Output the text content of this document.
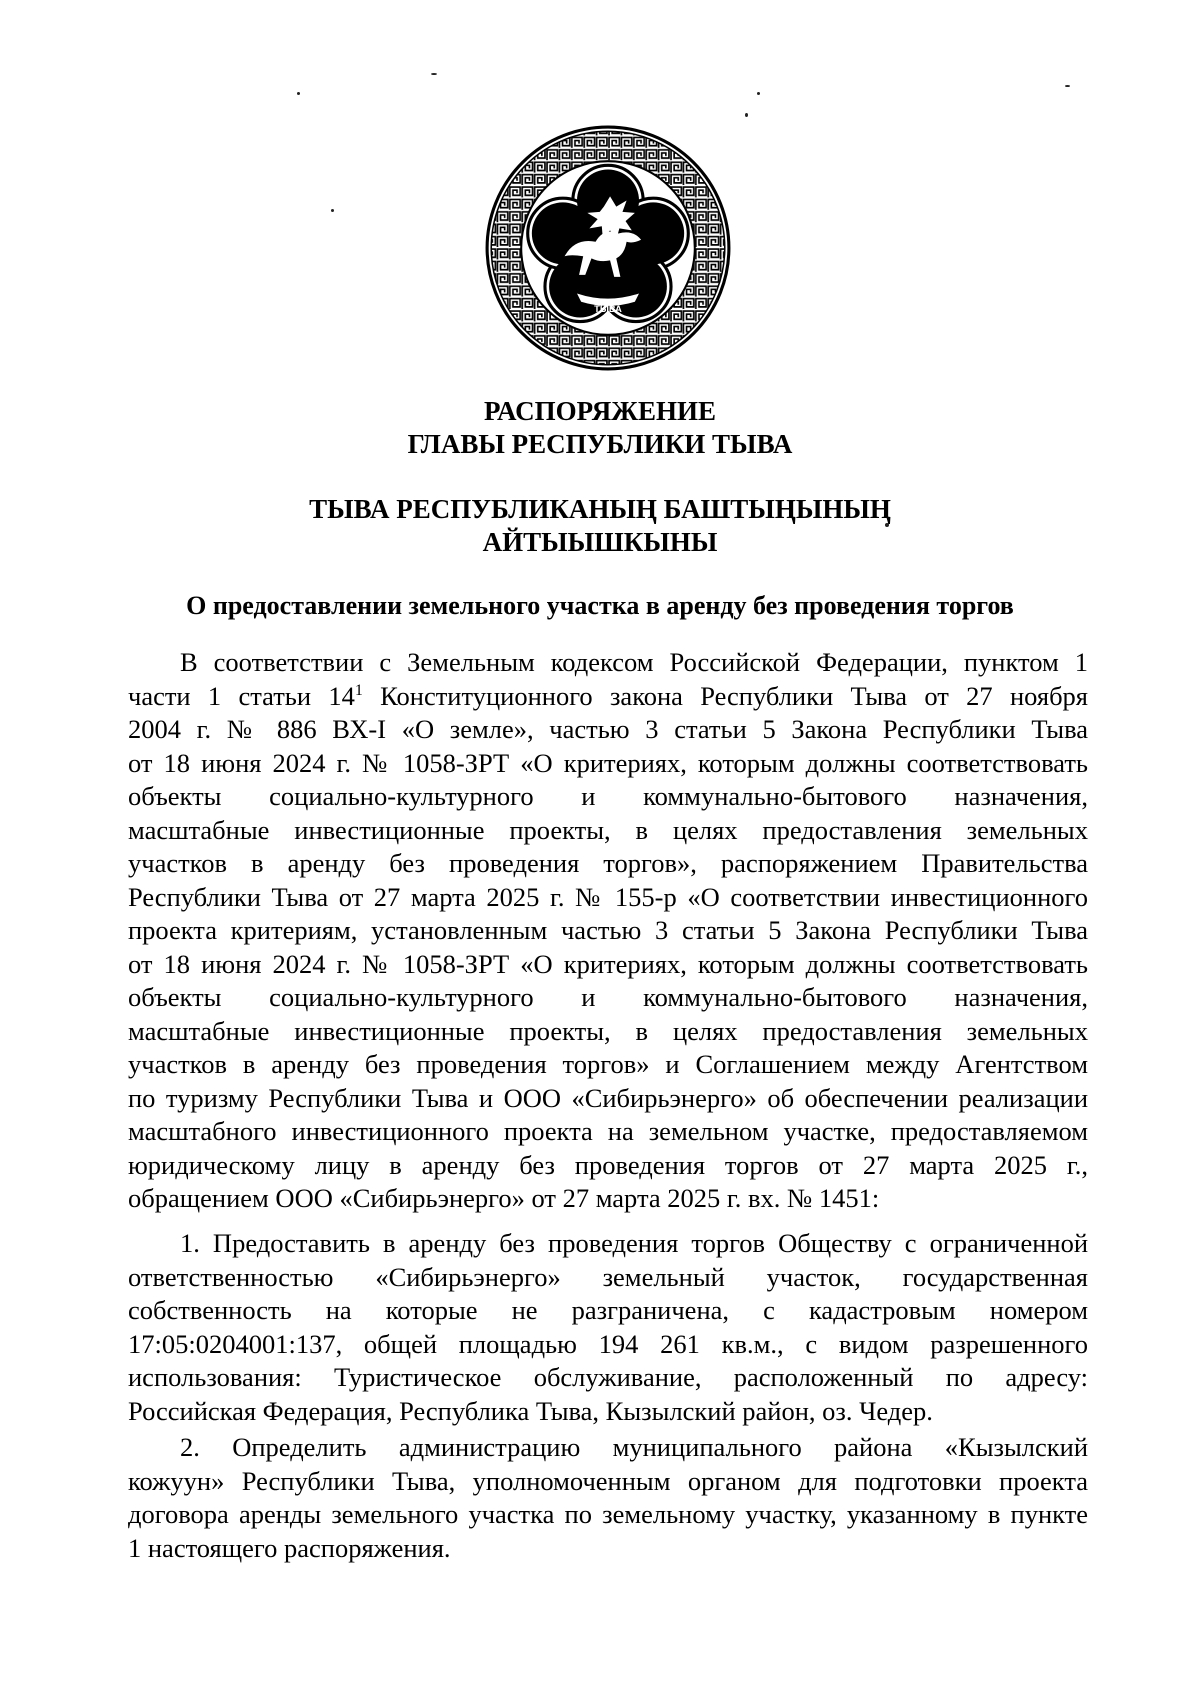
ТЫВА
РАСПОРЯЖЕНИЕ
ГЛАВЫ РЕСПУБЛИКИ ТЫВА
ТЫВА РЕСПУБЛИКАНЫҢ БАШТЫҢЫНЫҢ
АЙТЫЫШКЫНЫ
О предоставлении земельного участка в аренду без проведения торгов
В соответствии с Земельным кодексом Российской Федерации, пунктом 1
части 1 статьи $14^1$ Конституционного закона Республики Тыва от 27 ноября
2004 г. № 886 ВХ-I «О земле», частью 3 статьи 5 Закона Республики Тыва
от 18 июня 2024 г. № 1058-ЗРТ «О критериях, которым должны соответствовать
объекты социально-культурного и коммунально-бытового назначения,
масштабные инвестиционные проекты, в целях предоставления земельных
участков в аренду без проведения торгов», распоряжением Правительства
Республики Тыва от 27 марта 2025 г. № 155-р «О соответствии инвестиционного
проекта критериям, установленным частью 3 статьи 5 Закона Республики Тыва
от 18 июня 2024 г. № 1058-ЗРТ «О критериях, которым должны соответствовать
объекты социально-культурного и коммунально-бытового назначения,
масштабные инвестиционные проекты, в целях предоставления земельных
участков в аренду без проведения торгов» и Соглашением между Агентством
по туризму Республики Тыва и ООО «Сибирьэнерго» об обеспечении реализации
масштабного инвестиционного проекта на земельном участке, предоставляемом
юридическому лицу в аренду без проведения торгов от 27 марта 2025 г.,
обращением ООО «Сибирьэнерго» от 27 марта 2025 г. вх. № 1451:
1. Предоставить в аренду без проведения торгов Обществу с ограниченной
ответственностью «Сибирьэнерго» земельный участок, государственная
собственность на которые не разграничена, с кадастровым номером
17:05:0204001:137, общей площадью 194 261 кв.м., с видом разрешенного
использования: Туристическое обслуживание, расположенный по адресу:
Российская Федерация, Республика Тыва, Кызылский район, оз. Чедер.
2. Определить администрацию муниципального района «Кызылский
кожуун» Республики Тыва, уполномоченным органом для подготовки проекта
договора аренды земельного участка по земельному участку, указанному в пункте
1 настоящего распоряжения.
